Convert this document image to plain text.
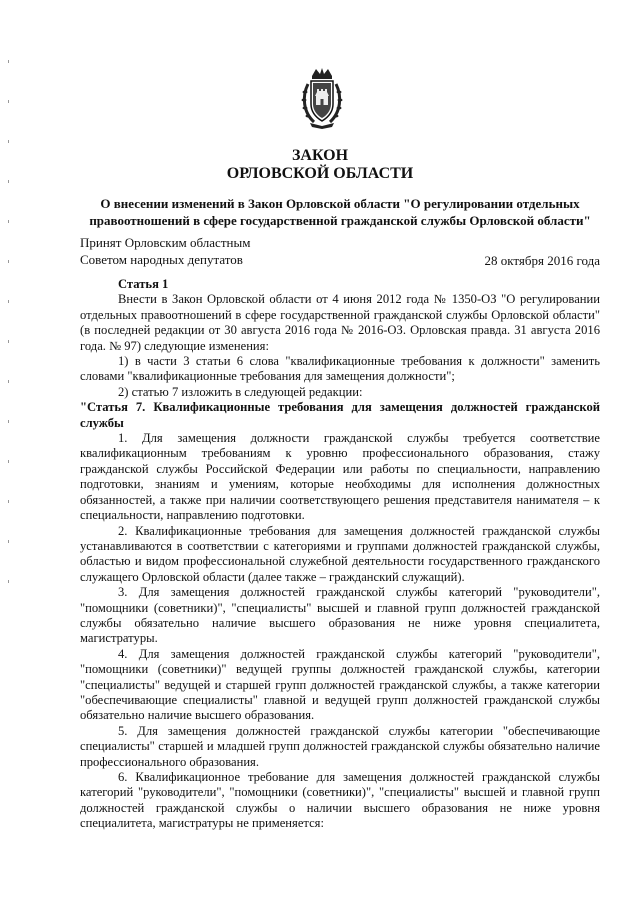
ЗАКОН
ОРЛОВСКОЙ ОБЛАСТИ
О внесении изменений в Закон Орловской области "О регулировании отдельных правоотношений в сфере государственной гражданской службы Орловской области"
Принят Орловским областным
Советом народных депутатов	28 октября 2016 года

Статья 1

Внести в Закон Орловской области от 4 июня 2012 года № 1350-ОЗ "О регулировании отдельных правоотношений в сфере государственной гражданской службы Орловской области" (в последней редакции от 30 августа 2016 года № 2016-ОЗ. Орловская правда. 31 августа 2016 года. № 97) следующие изменения:

1) в части 3 статьи 6 слова "квалификационные требования к должности" заменить словами "квалификационные требования для замещения должности";

2) статью 7 изложить в следующей редакции:

"Статья 7. Квалификационные требования для замещения должностей гражданской службы

1. Для замещения должности гражданской службы требуется соответствие квалификационным требованиям к уровню профессионального образования, стажу гражданской службы Российской Федерации или работы по специальности, направлению подготовки, знаниям и умениям, которые необходимы для исполнения должностных обязанностей, а также при наличии соответствующего решения представителя нанимателя – к специальности, направлению подготовки.

2. Квалификационные требования для замещения должностей гражданской службы устанавливаются в соответствии с категориями и группами должностей гражданской службы, областью и видом профессиональной служебной деятельности государственного гражданского служащего Орловской области (далее также – гражданский служащий).

3. Для замещения должностей гражданской службы категорий "руководители", "помощники (советники)", "специалисты" высшей и главной групп должностей гражданской службы обязательно наличие высшего образования не ниже уровня специалитета, магистратуры.

4. Для замещения должностей гражданской службы категорий "руководители", "помощники (советники)" ведущей группы должностей гражданской службы, категории "специалисты" ведущей и старшей групп должностей гражданской службы, а также категории "обеспечивающие специалисты" главной и ведущей групп должностей гражданской службы обязательно наличие высшего образования.

5. Для замещения должностей гражданской службы категории "обеспечивающие специалисты" старшей и младшей групп должностей гражданской службы обязательно наличие профессионального образования.

6. Квалификационное требование для замещения должностей гражданской службы категорий "руководители", "помощники (советники)", "специалисты" высшей и главной групп должностей гражданской службы о наличии высшего образования не ниже уровня специалитета, магистратуры не применяется:
